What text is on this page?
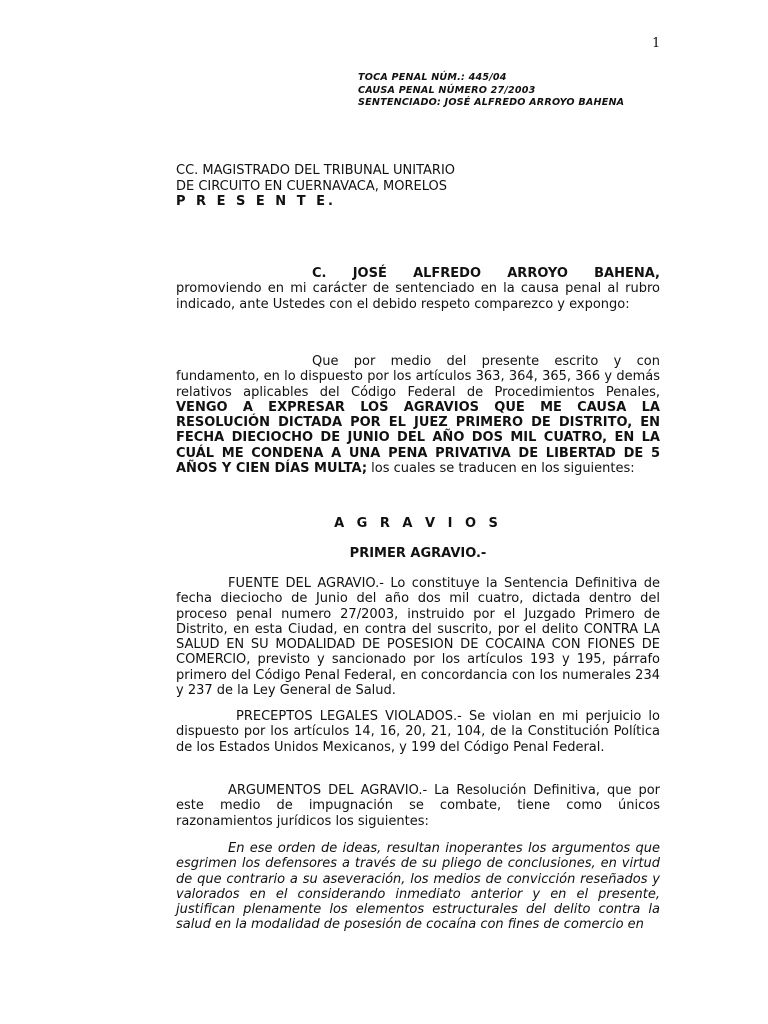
1
TOCA PENAL NÚM.: 445/04
CAUSA PENAL NÚMERO 27/2003
SENTENCIADO: JOSÉ ALFREDO ARROYO BAHENA
CC. MAGISTRADO DEL TRIBUNAL UNITARIO
DE CIRCUITO EN CUERNAVACA, MORELOS
P R E S E N T E.
C. JOSÉ ALFREDO ARROYO BAHENA,

promoviendo en mi carácter de sentenciado en la causa penal al rubro indicado, ante Ustedes con el debido respeto comparezco y expongo:

Que por medio del presente escrito y con fundamento, en lo dispuesto por los artículos 363, 364, 365, 366 y demás relativos aplicables del Código Federal de Procedimientos Penales, VENGO A EXPRESAR LOS AGRAVIOS QUE ME CAUSA LA RESOLUCIÓN DICTADA POR EL JUEZ PRIMERO DE DISTRITO, EN FECHA DIECIOCHO DE JUNIO DEL AÑO DOS MIL CUATRO, EN LA CUÁL ME CONDENA A UNA PENA PRIVATIVA DE LIBERTAD DE 5 AÑOS Y CIEN DÍAS MULTA; los cuales se traducen en los siguientes:

A G R A V I O S
PRIMER AGRAVIO.-

FUENTE DEL AGRAVIO.- Lo constituye la Sentencia Definitiva de fecha dieciocho de Junio del año dos mil cuatro, dictada dentro del proceso penal numero 27/2003, instruido por el Juzgado Primero de Distrito, en esta Ciudad, en contra del suscrito, por el delito CONTRA LA SALUD EN SU MODALIDAD DE POSESION DE COCAINA CON FIONES DE COMERCIO, previsto y sancionado por los artículos 193 y 195, párrafo primero del Código Penal Federal, en concordancia con los numerales 234 y 237 de la Ley General de Salud.

PRECEPTOS LEGALES VIOLADOS.- Se violan en mi perjuicio lo dispuesto por los artículos 14, 16, 20, 21, 104, de la Constitución Política de los Estados Unidos Mexicanos, y 199 del Código Penal Federal.

ARGUMENTOS DEL AGRAVIO.- La Resolución Definitiva, que por este medio de impugnación se combate, tiene como únicos razonamientos jurídicos los siguientes:

En ese orden de ideas, resultan inoperantes los argumentos que esgrimen los defensores a través de su pliego de conclusiones, en virtud de que contrario a su aseveración, los medios de convicción reseñados y valorados en el considerando inmediato anterior y en el presente, justifican plenamente los elementos estructurales del delito contra la salud en la modalidad de posesión de cocaína con fines de comercio en
